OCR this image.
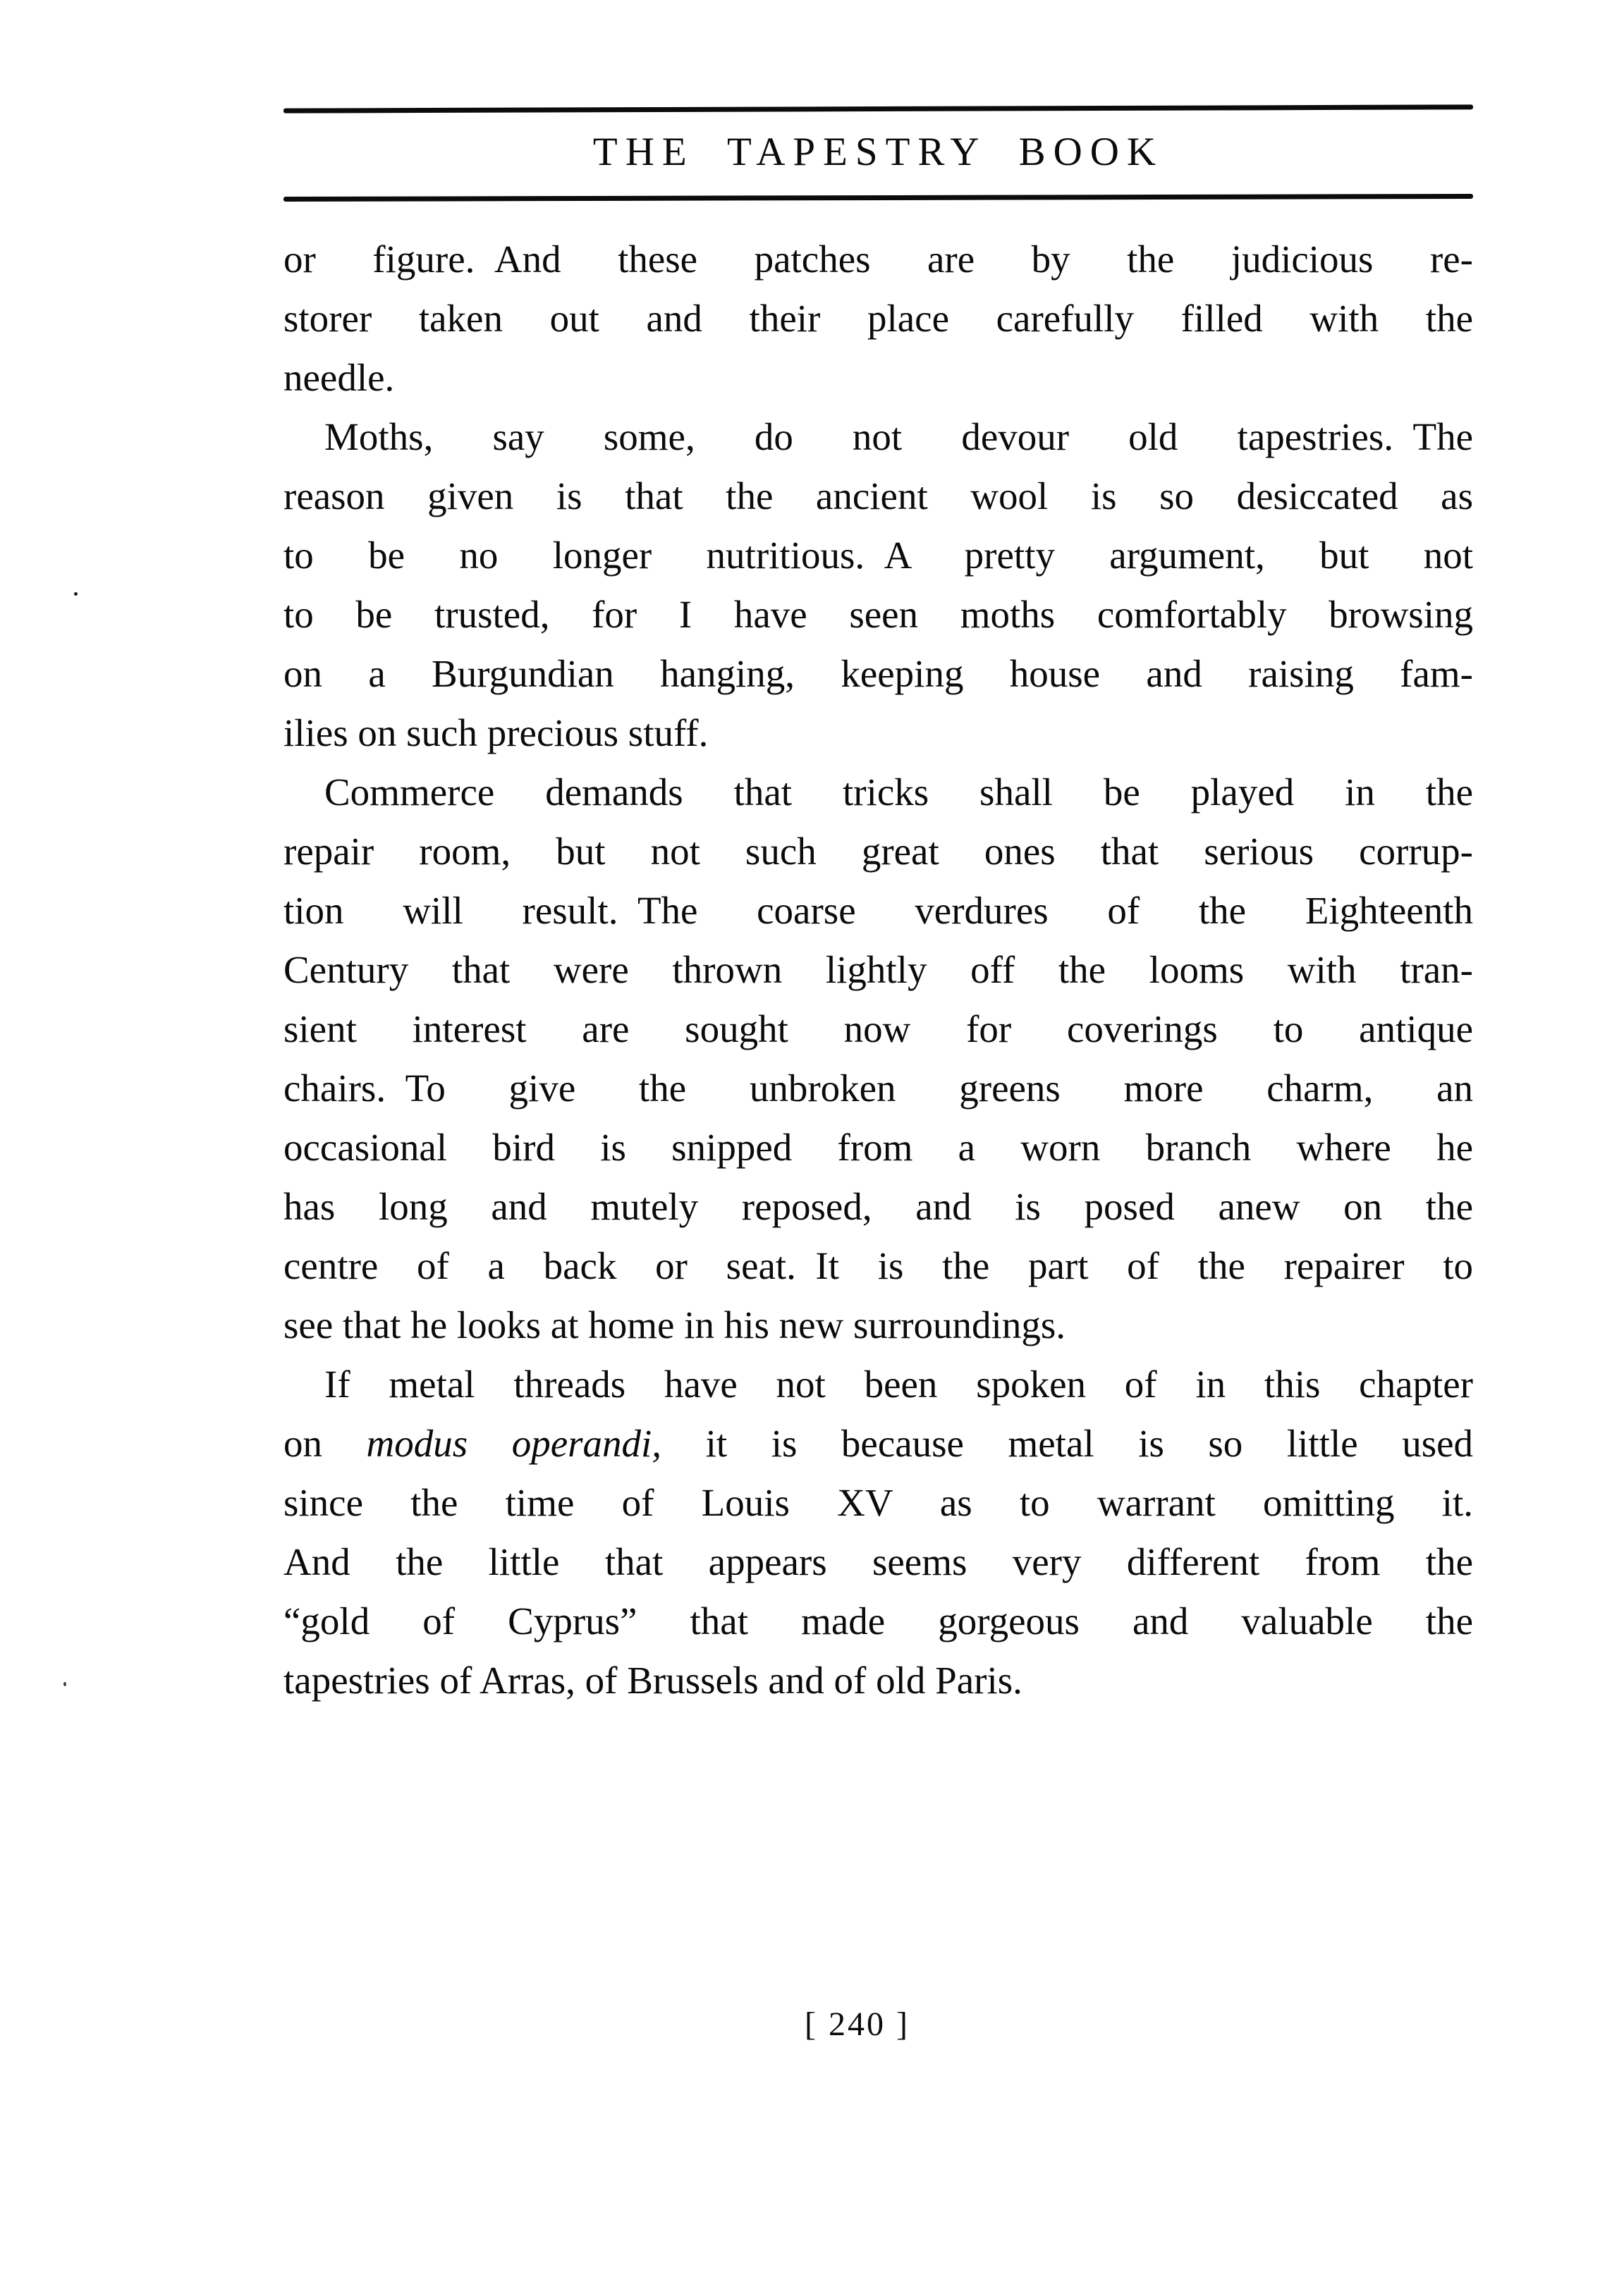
THE TAPESTRY BOOK
or figure. And these patches are by the judicious re-
storer taken out and their place carefully filled with the
needle.
Moths, say some, do not devour old tapestries. The
reason given is that the ancient wool is so desiccated as
to be no longer nutritious. A pretty argument, but not
to be trusted, for I have seen moths comfortably browsing
on a Burgundian hanging, keeping house and raising fam-
ilies on such precious stuff.
Commerce demands that tricks shall be played in the
repair room, but not such great ones that serious corrup-
tion will result. The coarse verdures of the Eighteenth
Century that were thrown lightly off the looms with tran-
sient interest are sought now for coverings to antique
chairs. To give the unbroken greens more charm, an
occasional bird is snipped from a worn branch where he
has long and mutely reposed, and is posed anew on the
centre of a back or seat. It is the part of the repairer to
see that he looks at home in his new surroundings.
If metal threads have not been spoken of in this chapter
on modus operandi, it is because metal is so little used
since the time of Louis XV as to warrant omitting it.
And the little that appears seems very different from the
“gold of Cyprus” that made gorgeous and valuable the
tapestries of Arras, of Brussels and of old Paris.
[ 240 ]
